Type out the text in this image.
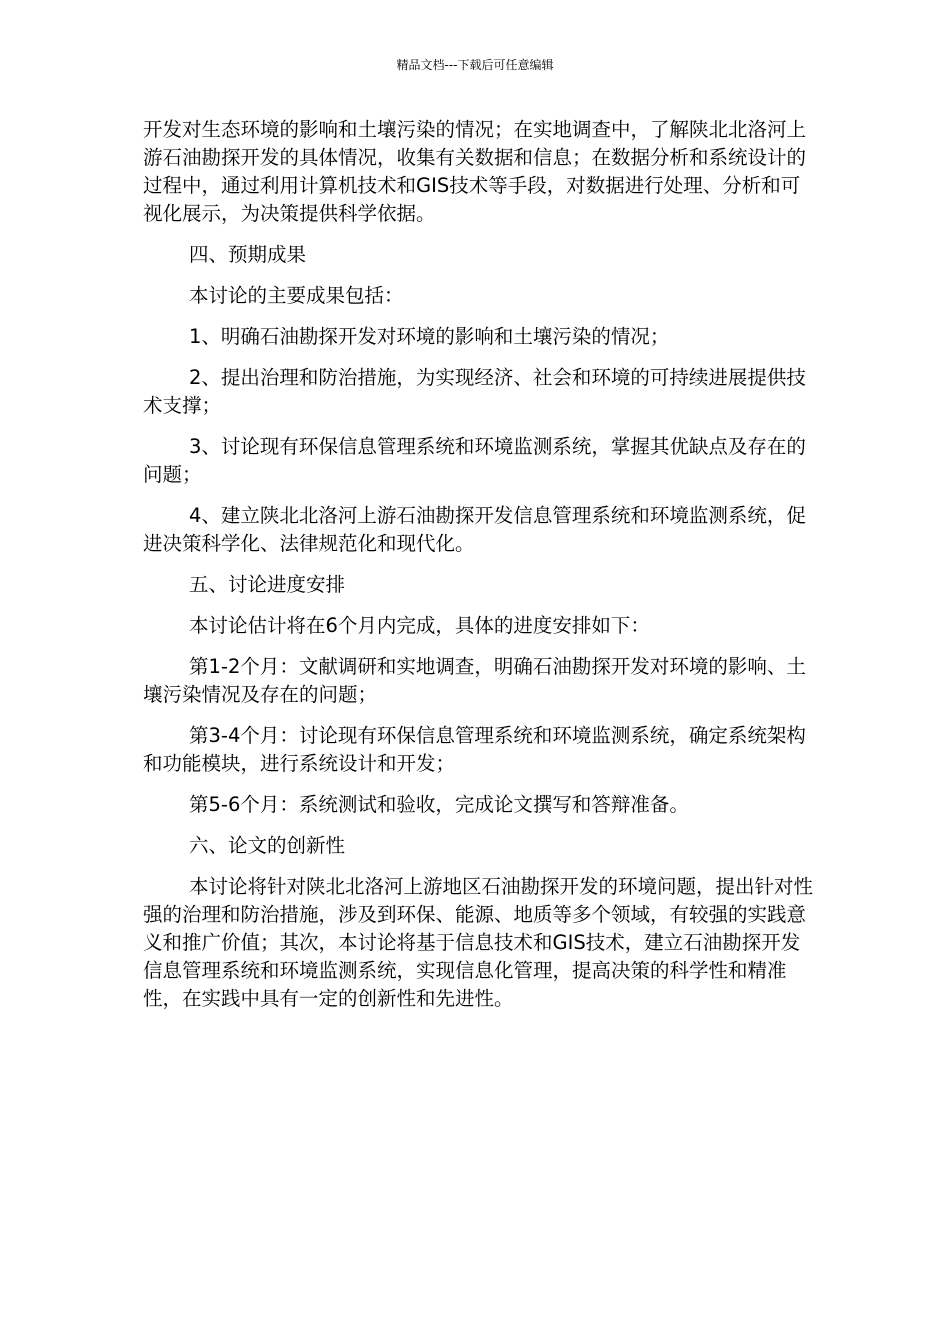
精品文档---下载后可任意编辑

开发对生态环境的影响和土壤污染的情况；在实地调查中，了解陕北北洛河上游石油勘探开发的具体情况，收集有关数据和信息；在数据分析和系统设计的过程中，通过利用计算机技术和GIS技术等手段，对数据进行处理、分析和可视化展示，为决策提供科学依据。

四、预期成果

本讨论的主要成果包括：

1、明确石油勘探开发对环境的影响和土壤污染的情况；

2、提出治理和防治措施，为实现经济、社会和环境的可持续进展提供技术支撑；

3、讨论现有环保信息管理系统和环境监测系统，掌握其优缺点及存在的问题；

4、建立陕北北洛河上游石油勘探开发信息管理系统和环境监测系统，促进决策科学化、法律规范化和现代化。

五、讨论进度安排

本讨论估计将在6个月内完成，具体的进度安排如下：

第1-2个月：文献调研和实地调查，明确石油勘探开发对环境的影响、土壤污染情况及存在的问题；

第3-4个月：讨论现有环保信息管理系统和环境监测系统，确定系统架构和功能模块，进行系统设计和开发；

第5-6个月：系统测试和验收，完成论文撰写和答辩准备。

六、论文的创新性

本讨论将针对陕北北洛河上游地区石油勘探开发的环境问题，提出针对性强的治理和防治措施，涉及到环保、能源、地质等多个领域，有较强的实践意义和推广价值；其次，本讨论将基于信息技术和GIS技术，建立石油勘探开发信息管理系统和环境监测系统，实现信息化管理，提高决策的科学性和精准性，在实践中具有一定的创新性和先进性。
